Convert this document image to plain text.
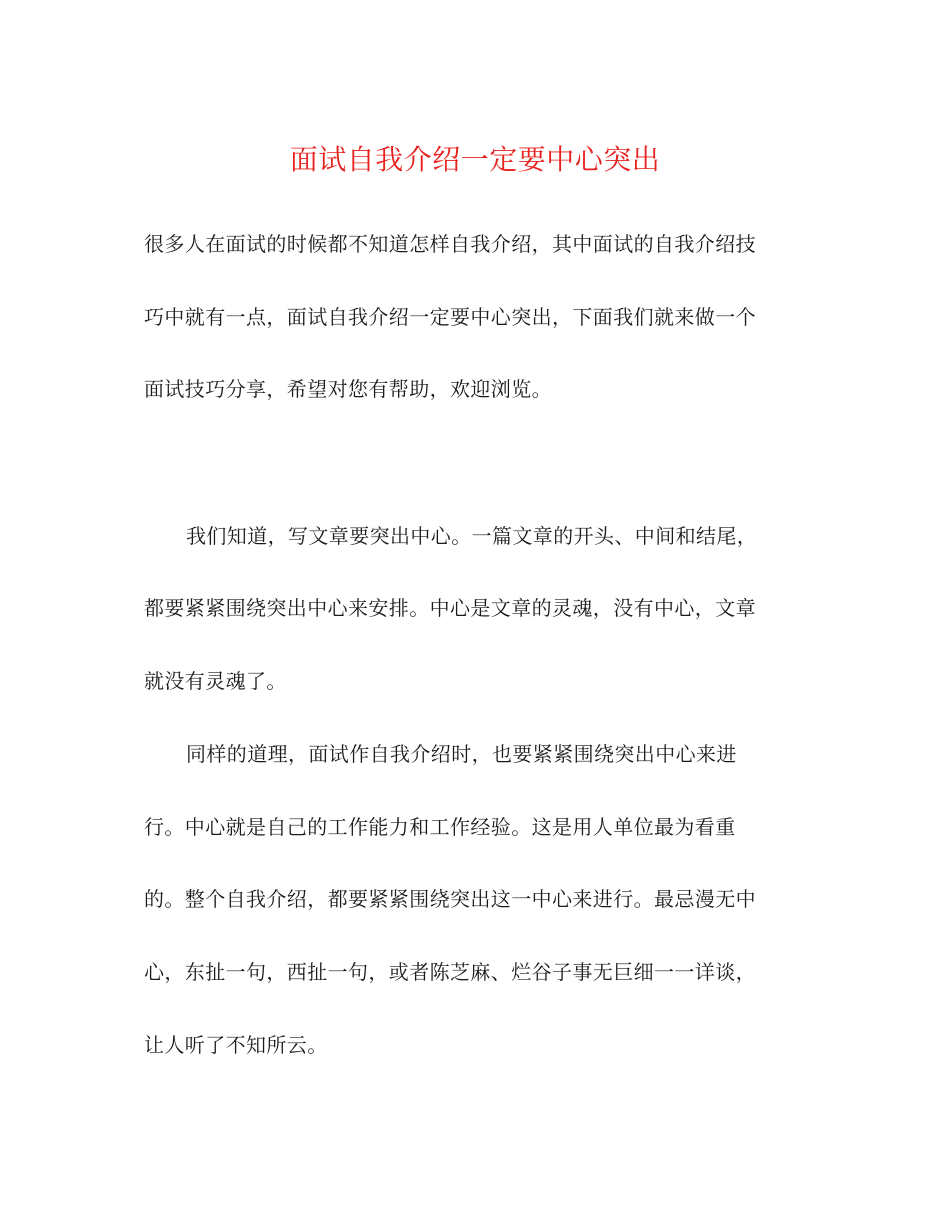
面试自我介绍一定要中心突出
很多人在面试的时候都不知道怎样自我介绍，其中面试的自我介绍技
巧中就有一点，面试自我介绍一定要中心突出，下面我们就来做一个
面试技巧分享，希望对您有帮助，欢迎浏览。
我们知道，写文章要突出中心。一篇文章的开头、中间和结尾，
都要紧紧围绕突出中心来安排。中心是文章的灵魂，没有中心，文章
就没有灵魂了。
同样的道理，面试作自我介绍时，也要紧紧围绕突出中心来进
行。中心就是自己的工作能力和工作经验。这是用人单位最为看重
的。整个自我介绍，都要紧紧围绕突出这一中心来进行。最忌漫无中
心，东扯一句，西扯一句，或者陈芝麻、烂谷子事无巨细一一详谈，
让人听了不知所云。
